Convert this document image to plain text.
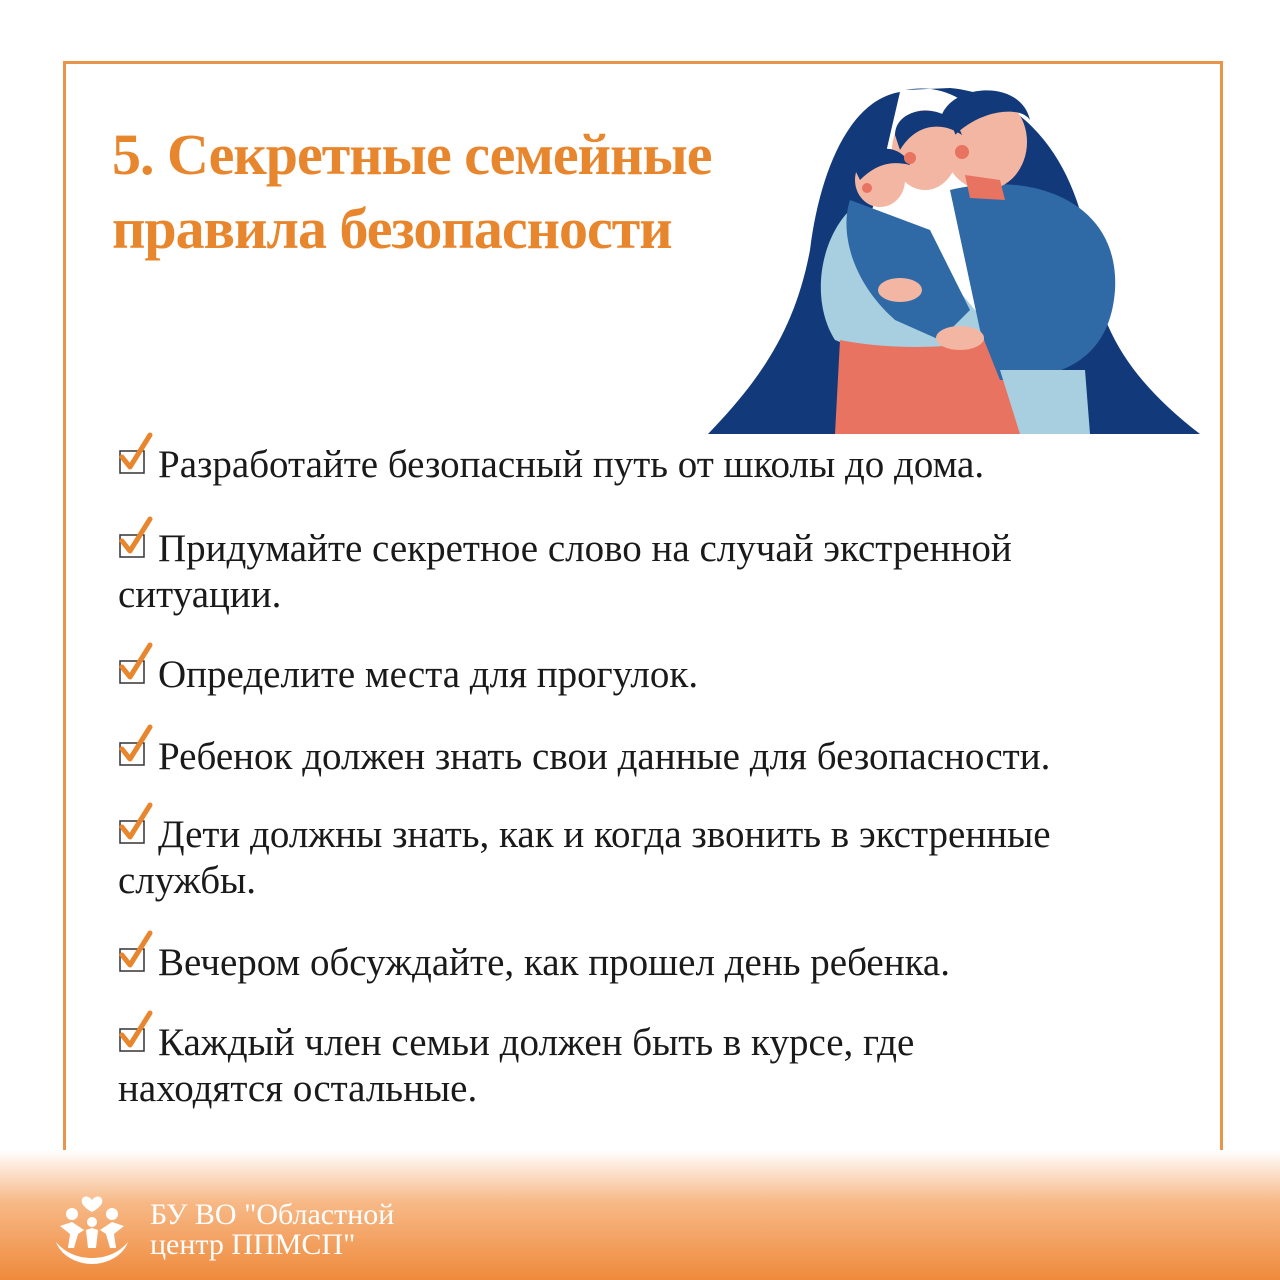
5. Секретные семейные
правила безопасности
Разработайте безопасный путь от школы до дома.
Придумайте секретное слово на случай экстренной
ситуации.
Определите места для прогулок.
Ребенок должен знать свои данные для безопасности.
Дети должны знать, как и когда звонить в экстренные
службы.
Вечером обсуждайте, как прошел день ребенка.
Каждый член семьи должен быть в курсе, где
находятся остальные.

БУ ВО "Областной
центр ППМСП"
